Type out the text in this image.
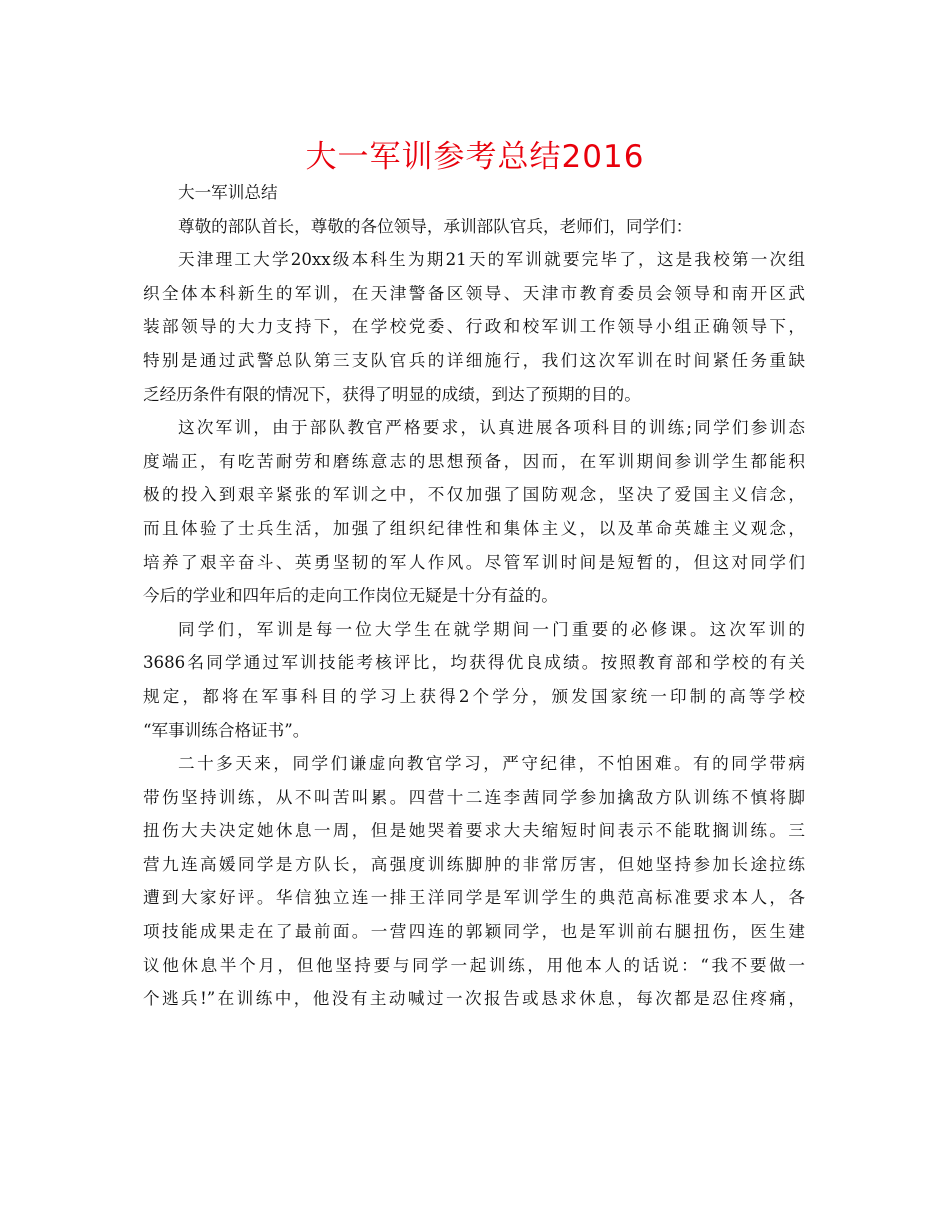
大一军训参考总结2016
大一军训总结
尊敬的部队首长，尊敬的各位领导，承训部队官兵，老师们，同学们：
天津理工大学20xx级本科生为期21天的军训就要完毕了，这是我校第一次组
织全体本科新生的军训，在天津警备区领导、天津市教育委员会领导和南开区武
装部领导的大力支持下，在学校党委、行政和校军训工作领导小组正确领导下，
特别是通过武警总队第三支队官兵的详细施行，我们这次军训在时间紧任务重缺
乏经历条件有限的情况下，获得了明显的成绩，到达了预期的目的。
这次军训，由于部队教官严格要求，认真进展各项科目的训练;同学们参训态
度端正，有吃苦耐劳和磨练意志的思想预备，因而，在军训期间参训学生都能积
极的投入到艰辛紧张的军训之中，不仅加强了国防观念，坚决了爱国主义信念，
而且体验了士兵生活，加强了组织纪律性和集体主义，以及革命英雄主义观念，
培养了艰辛奋斗、英勇坚韧的军人作风。尽管军训时间是短暂的，但这对同学们
今后的学业和四年后的走向工作岗位无疑是十分有益的。
同学们，军训是每一位大学生在就学期间一门重要的必修课。这次军训的
3686名同学通过军训技能考核评比，均获得优良成绩。按照教育部和学校的有关
规定，都将在军事科目的学习上获得2个学分，颁发国家统一印制的高等学校
“军事训练合格证书”。
二十多天来，同学们谦虚向教官学习，严守纪律，不怕困难。有的同学带病
带伤坚持训练，从不叫苦叫累。四营十二连李茜同学参加擒敌方队训练不慎将脚
扭伤大夫决定她休息一周，但是她哭着要求大夫缩短时间表示不能耽搁训练。三
营九连高媛同学是方队长，高强度训练脚肿的非常厉害，但她坚持参加长途拉练
遭到大家好评。华信独立连一排王洋同学是军训学生的典范高标准要求本人，各
项技能成果走在了最前面。一营四连的郭颖同学，也是军训前右腿扭伤，医生建
议他休息半个月，但他坚持要与同学一起训练，用他本人的话说：“我不要做一
个逃兵!”在训练中，他没有主动喊过一次报告或恳求休息，每次都是忍住疼痛，
